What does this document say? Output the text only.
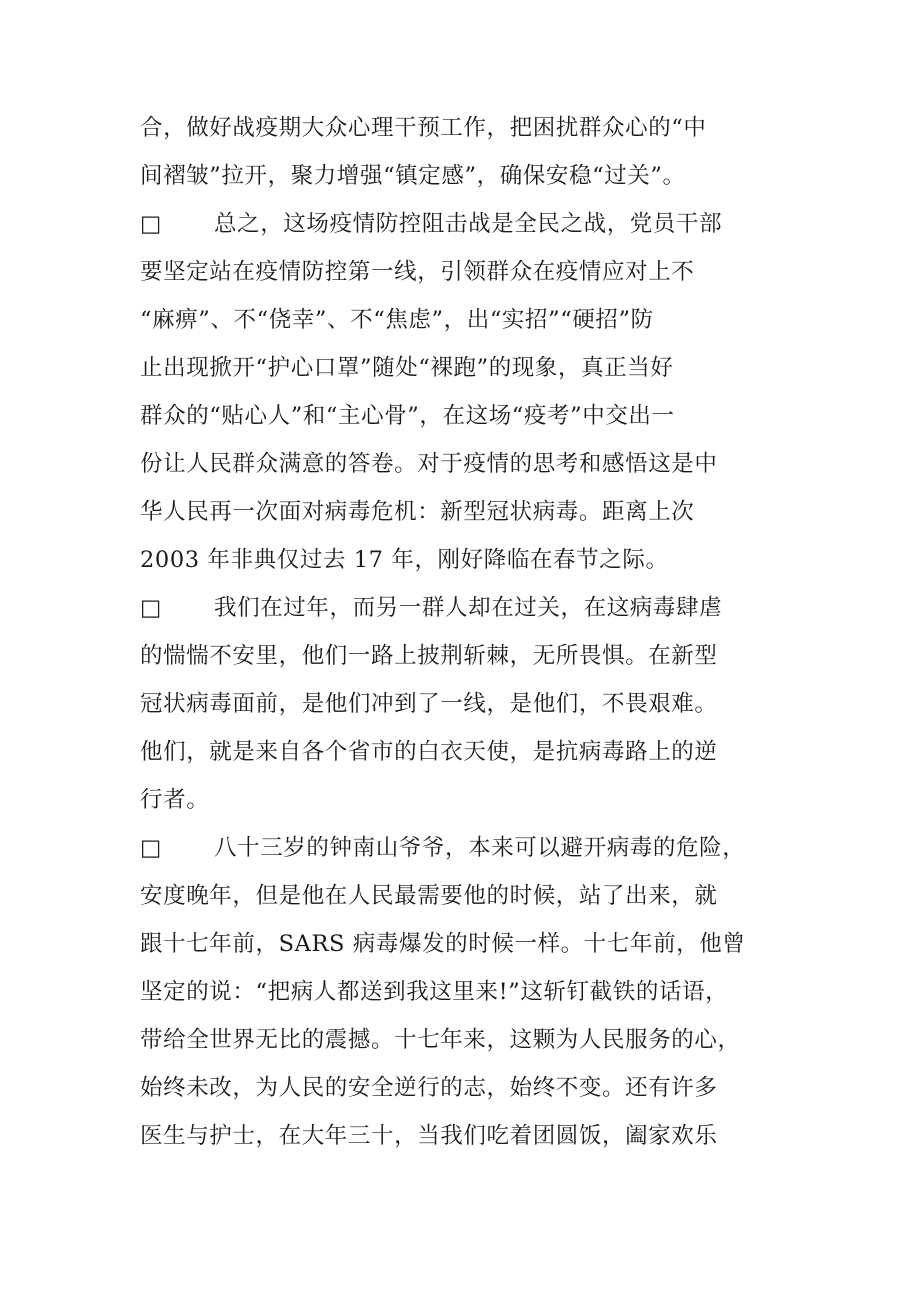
合，做好战疫期大众心理干预工作，把困扰群众心的“中
间褶皱”拉开，聚力增强“镇定感”，确保安稳“过关”。
□ 总之，这场疫情防控阻击战是全民之战，党员干部
要坚定站在疫情防控第一线，引领群众在疫情应对上不
“麻痹”、不“侥幸”、不“焦虑”，出“实招”“硬招”防
止出现掀开“护心口罩”随处“裸跑”的现象，真正当好
群众的“贴心人”和“主心骨”，在这场“疫考”中交出一
份让人民群众满意的答卷。对于疫情的思考和感悟这是中
华人民再一次面对病毒危机：新型冠状病毒。距离上次
2003 年非典仅过去 17 年，刚好降临在春节之际。
□ 我们在过年，而另一群人却在过关，在这病毒肆虐
的惴惴不安里，他们一路上披荆斩棘，无所畏惧。在新型
冠状病毒面前，是他们冲到了一线，是他们，不畏艰难。
他们，就是来自各个省市的白衣天使，是抗病毒路上的逆
行者。
□ 八十三岁的钟南山爷爷，本来可以避开病毒的危险，
安度晚年，但是他在人民最需要他的时候，站了出来，就
跟十七年前，SARS 病毒爆发的时候一样。十七年前，他曾
坚定的说：“把病人都送到我这里来!”这斩钉截铁的话语，
带给全世界无比的震撼。十七年来，这颗为人民服务的心，
始终未改，为人民的安全逆行的志，始终不变。还有许多
医生与护士，在大年三十，当我们吃着团圆饭，阖家欢乐
